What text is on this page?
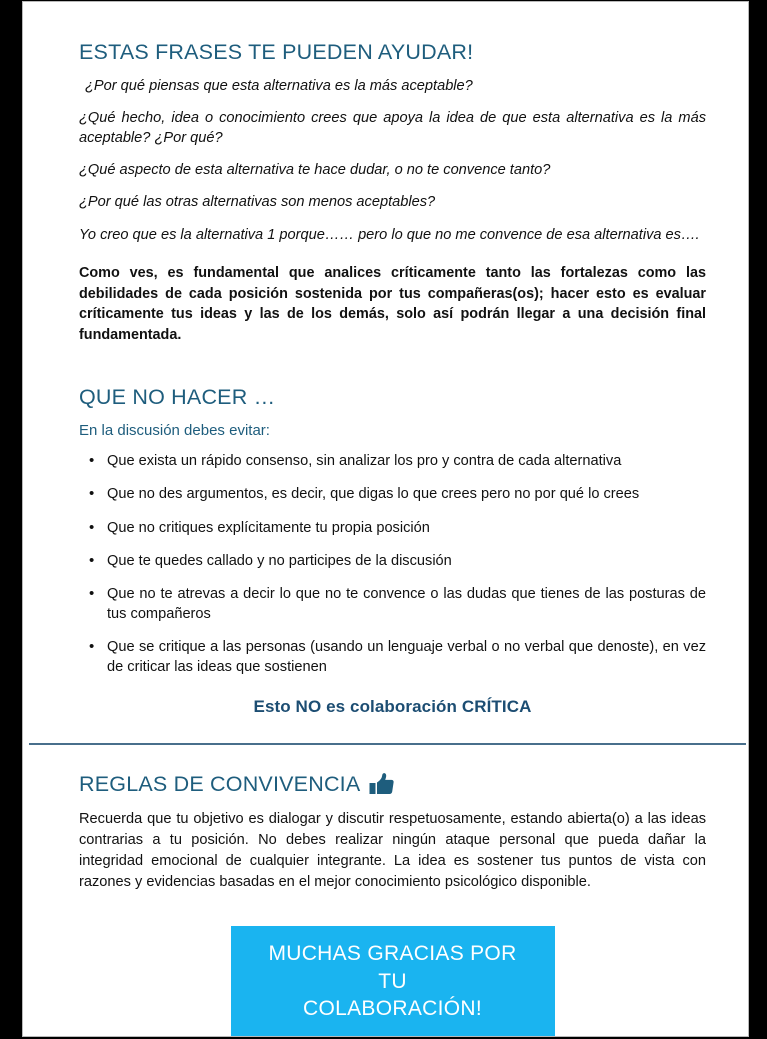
ESTAS FRASES TE PUEDEN AYUDAR!

¿Por qué piensas que esta alternativa es la más aceptable?

¿Qué hecho, idea o conocimiento crees que apoya la idea de que esta alternativa es la más aceptable? ¿Por qué?

¿Qué aspecto de esta alternativa te hace dudar, o no te convence tanto?

¿Por qué las otras alternativas son menos aceptables?

Yo creo que es la alternativa 1 porque…… pero lo que no me convence de esa alternativa es….

Como ves, es fundamental que analices críticamente tanto las fortalezas como las debilidades de cada posición sostenida por tus compañeras(os); hacer esto es evaluar críticamente tus ideas y las de los demás, solo así podrán llegar a una decisión final fundamentada.

QUE NO HACER …

En la discusión debes evitar:

• Que exista un rápido consenso, sin analizar los pro y contra de cada alternativa
• Que no des argumentos, es decir, que digas lo que crees pero no por qué lo crees
• Que no critiques explícitamente tu propia posición
• Que te quedes callado y no participes de la discusión
• Que no te atrevas a decir lo que no te convence o las dudas que tienes de las posturas de tus compañeros
• Que se critique a las personas (usando un lenguaje verbal o no verbal que denoste), en vez de criticar las ideas que sostienen

Esto NO es colaboración CRÍTICA

REGLAS DE CONVIVENCIA

Recuerda que tu objetivo es dialogar y discutir respetuosamente, estando abierta(o) a las ideas contrarias a tu posición. No debes realizar ningún ataque personal que pueda dañar la integridad emocional de cualquier integrante. La idea es sostener tus puntos de vista con razones y evidencias basadas en el mejor conocimiento psicológico disponible.

MUCHAS GRACIAS POR TU
COLABORACIÓN!
